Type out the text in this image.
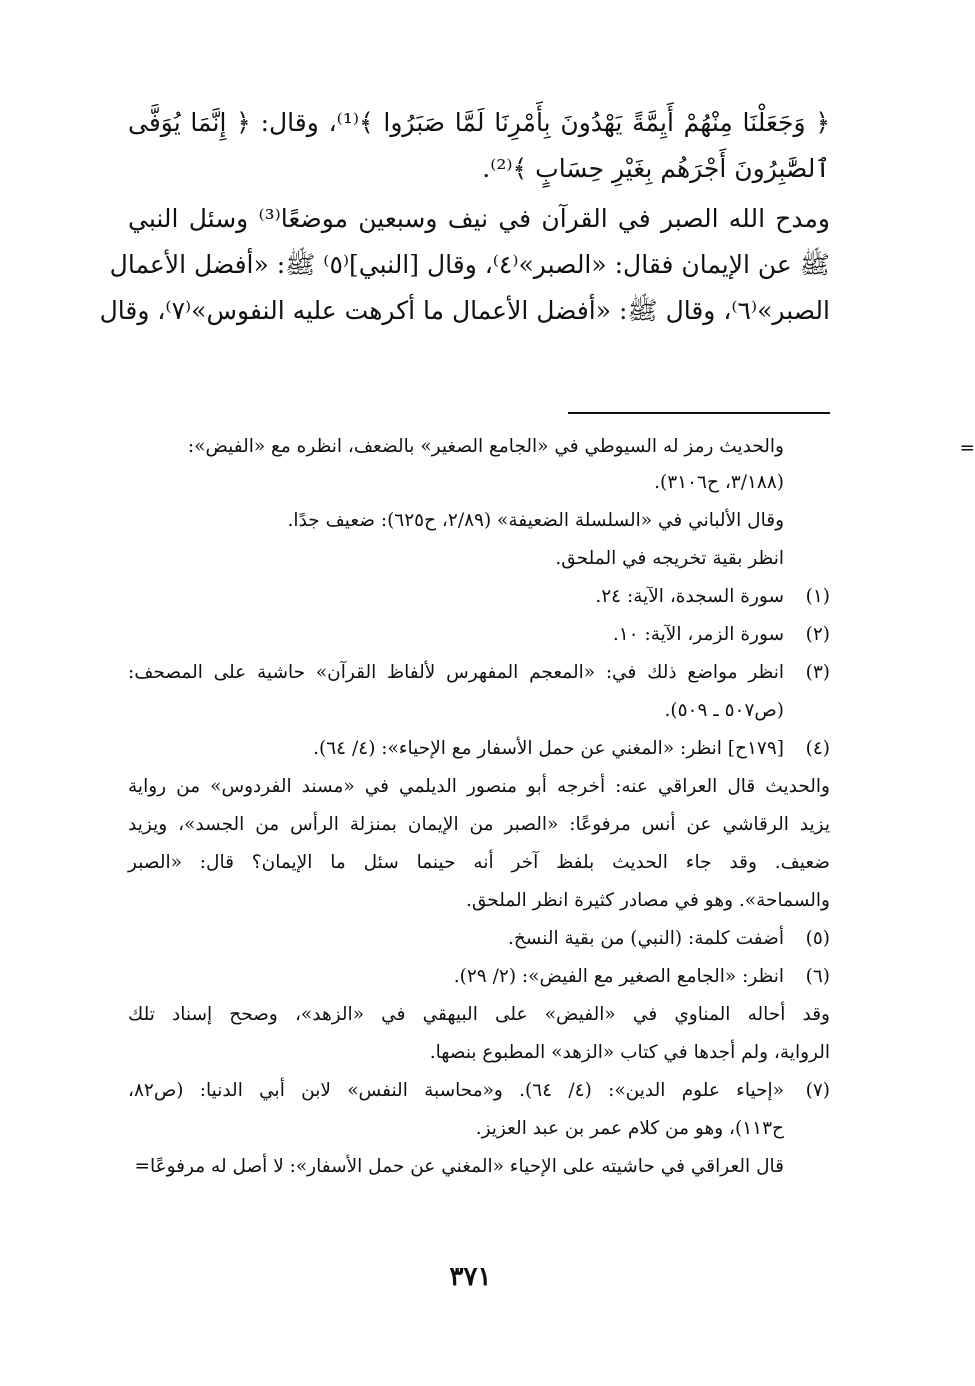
﴿ وَجَعَلْنَا مِنْهُمْ أَيِمَّةً يَهْدُونَ بِأَمْرِنَا لَمَّا صَبَرُوا ﴾⁽¹⁾، وقال: ﴿ إِنَّمَا يُوَفَّى
ٱلصَّٰبِرُونَ أَجْرَهُم بِغَيْرِ حِسَابٍ ﴾⁽²⁾.
ومدح الله الصبر في القرآن في نيف وسبعين موضعًا⁽³⁾ وسئل النبي
ﷺ عن الإيمان فقال: «الصبر»⁽٤⁾، وقال [النبي]⁽٥⁾ ﷺ: «أفضل الأعمال
الصبر»⁽٦⁾، وقال ﷺ: «أفضل الأعمال ما أكرهت عليه النفوس»⁽٧⁾، وقال
=
والحديث رمز له السيوطي في «الجامع الصغير» بالضعف، انظره مع «الفيض»:
(٣/١٨٨، ح٣١٠٦).
وقال الألباني في «السلسلة الضعيفة» (٢/٨٩، ح٦٢٥): ضعيف جدًا.
انظر بقية تخريجه في الملحق.
(١)
سورة السجدة، الآية: ٢٤.
(٢)
سورة الزمر، الآية: ١٠.
(٣)
انظر مواضع ذلك في: «المعجم المفهرس لألفاظ القرآن» حاشية على المصحف:
(ص٥٠٧ ـ ٥٠٩).
(٤)
[١٧٩ح] انظر: «المغني عن حمل الأسفار مع الإحياء»: (٤/ ٦٤).
والحديث قال العراقي عنه: أخرجه أبو منصور الديلمي في «مسند الفردوس» من رواية
يزيد الرقاشي عن أنس مرفوعًا: «الصبر من الإيمان بمنزلة الرأس من الجسد»، ويزيد
ضعيف. وقد جاء الحديث بلفظ آخر أنه حينما سئل ما الإيمان؟ قال: «الصبر
والسماحة». وهو في مصادر كثيرة انظر الملحق.
(٥)
أضفت كلمة: (النبي) من بقية النسخ.
(٦)
انظر: «الجامع الصغير مع الفيض»: (٢/ ٢٩).
وقد أحاله المناوي في «الفيض» على البيهقي في «الزهد»، وصحح إسناد تلك
الرواية، ولم أجدها في كتاب «الزهد» المطبوع بنصها.
(٧)
«إحياء علوم الدين»: (٤/ ٦٤). و«محاسبة النفس» لابن أبي الدنيا: (ص٨٢،
ح١١٣)، وهو من كلام عمر بن عبد العزيز.
قال العراقي في حاشيته على الإحياء «المغني عن حمل الأسفار»: لا أصل له مرفوعًا=
٣٧١
